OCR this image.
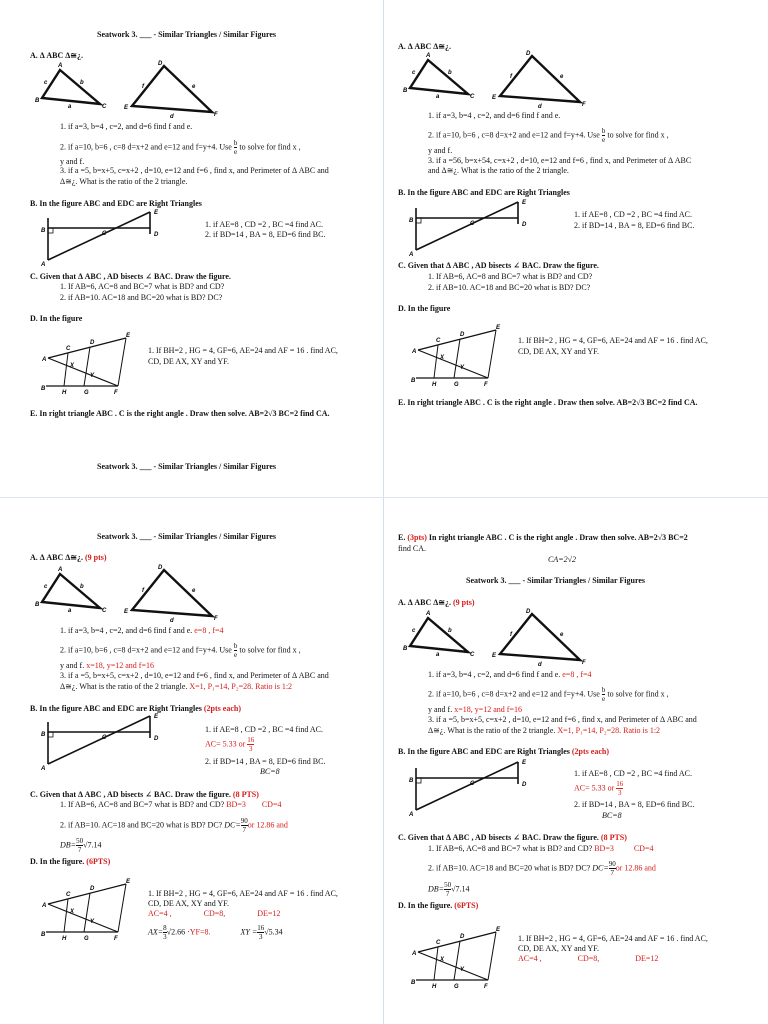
Seatwork 3. ___ - Similar Triangles / Similar Figures
A. Δ ABC Δ≅¿.
A
B
C
a
b
c
D
E
F
d
f	e
1. if a=3, b=4 , c=2, and d=6 find f and e.
2. if a=10, b=6 , c=8 d=x+2 and e=12 and f=y+4. Use $\frac{b}{e}$ to solve for find x ,
y and f.
3. if a =5, b=x+5, c=x+2 , d=10, e=12 and f=6 , find x, and Perimeter of Δ ABC and
Δ≅¿. What is the ratio of the 2 triangle.
B. In the figure ABC and EDC are Right Triangles
B
A
C	D
E
1. if AE=8 , CD =2 , BC =4 find AC.
2. if BD=14 , BA = 8, ED=6 find BC.
C. Given that Δ ABC , AD bisects ∠ BAC. Draw the figure.
1. If AB=6, AC=8 and BC=7 what is BD? and CD?
2. if AB=10. AC=18 and BC=20 what is BD? DC?
D. In the figure
A
C
D
E
X
Y
B
H	G	F
1. If BH=2 , HG = 4, GF=6, AE=24 and AF = 16 . find AC,
CD, DE AX, XY and YF.
E. In right triangle ABC . C is the right angle . Draw then solve. AB=2√3 BC=2 find CA.
A. Δ ABC Δ≅¿.
A
B
C
a
b
c
D
E
F
d
f	e
1. if a=3, b=4 , c=2, and d=6 find f and e.
2. if a=10, b=6 , c=8 d=x+2 and e=12 and f=y+4. Use $\frac{b}{e}$ to solve for find x ,
y and f.
3. if a =56, b=x+54, c=x+2 , d=10, e=12 and f=6 , find x, and Perimeter of Δ ABC
and Δ≅¿. What is the ratio of the 2 triangle.
B. In the figure ABC and EDC are Right Triangles
B
A
C	D
E
1. if AE=8 , CD =2 , BC =4 find AC.
2. if BD=14 , BA = 8, ED=6 find BC.
C. Given that Δ ABC , AD bisects ∠ BAC. Draw the figure.
1. If AB=6, AC=8 and BC=7 what is BD? and CD?
2. if AB=10. AC=18 and BC=20 what is BD? DC?
D. In the figure
A
C
D
E
X
Y
B
H	G	F
1. If BH=2 , HG = 4, GF=6, AE=24 and AF = 16 . find AC,
CD, DE AX, XY and YF.
E. In right triangle ABC . C is the right angle . Draw then solve. AB=2√3 BC=2 find CA.
Seatwork 3. ___ - Similar Triangles / Similar Figures
Seatwork 3. ___ - Similar Triangles / Similar Figures
A. Δ ABC Δ≅¿. (9 pts)
A
B
C
a
b
c
D
E
F
d
f	e
1. if a=3, b=4 , c=2, and d=6 find f and e. e=8 , f=4
2. if a=10, b=6 , c=8 d=x+2 and e=12 and f=y+4. Use $\frac{b}{e}$ to solve for find x ,
y and f. x=18, y=12 and f=16
3. if a =5, b=x+5, c=x+2 , d=10, e=12 and f=6 , find x, and Perimeter of Δ ABC and
Δ≅¿. What is the ratio of the 2 triangle. X=1, P₁=14, P₂=28. Ratio is 1:2
B. In the figure ABC and EDC are Right Triangles (2pts each)
B
A
C	D
E
1. if AE=8 , CD =2 , BC =4 find AC.
AC= 5.33 or $\frac{16}{3}$
2. if BD=14 , BA = 8, ED=6 find BC.
BC=8
C. Given that Δ ABC , AD bisects ∠ BAC. Draw the figure. (8 PTS)
1. If AB=6, AC=8 and BC=7 what is BD? and CD? BD=3 CD=4
2. if AB=10. AC=18 and BC=20 what is BD? DC? $DC= \frac{90}{7}$ or 12.86 and
$DB= \frac{50}{7} √7.14$
D. In the figure. (6PTS)
A
C
D
E
X
Y
B
H	G	F
1. If BH=2 , HG = 4, GF=6, AE=24 and AF = 16 . find AC,
CD, DE AX, XY and YF.
AC=4 ,	CD=8,	DE=12
$AX= \frac{8}{3} √2.66 \cdot YF=8$.	XY = $\frac{16}{3} √5.34$
E. (3pts) In right triangle ABC . C is the right angle . Draw then solve. AB=2√3 BC=2
find CA.
CA=2√2
Seatwork 3. ___ - Similar Triangles / Similar Figures
A. Δ ABC Δ≅¿. (9 pts)
A
B
C
a
b
c
D
E
F
d
f	e
1. if a=3, b=4 , c=2, and d=6 find f and e. e=8 , f=4
2. if a=10, b=6 , c=8 d=x+2 and e=12 and f=y+4. Use $\frac{b}{e}$ to solve for find x ,
y and f. x=18, y=12 and f=16
3. if a =5, b=x+5, c=x+2 , d=10, e=12 and f=6 , find x, and Perimeter of Δ ABC and
Δ≅¿. What is the ratio of the 2 triangle. X=1, P₁=14, P₂=28. Ratio is 1:2
B. In the figure ABC and EDC are Right Triangles (2pts each)
B
A
C	D
E
1. if AE=8 , CD =2 , BC =4 find AC.
AC= 5.33 or $\frac{16}{3}$
2. if BD=14 , BA = 8, ED=6 find BC.
BC=8
C. Given that Δ ABC , AD bisects ∠ BAC. Draw the figure. (8 PTS)
1. If AB=6, AC=8 and BC=7 what is BD? and CD? BD=3	CD=4
2. if AB=10. AC=18 and BC=20 what is BD? DC? $DC= \frac{90}{7}$ or 12.86 and
$DB= \frac{50}{7} √7.14$
D. In the figure. (6PTS)
A
C
D
E
X
Y
B
H	G	F
1. If BH=2 , HG = 4, GF=6, AE=24 and AF = 16 . find AC,
CD, DE AX, XY and YF.
AC=4 ,	CD=8,	DE=12
